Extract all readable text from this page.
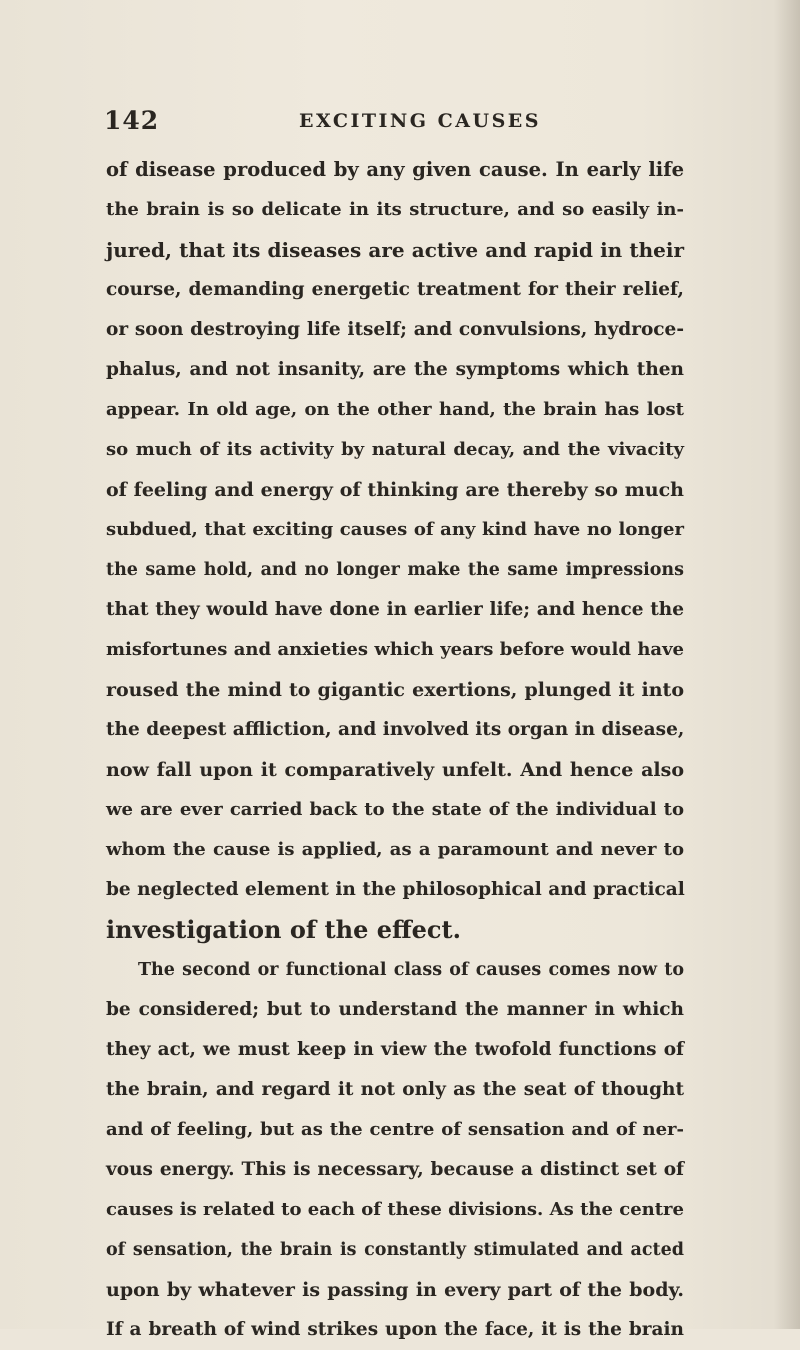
142	EXCITING CAUSES
of disease produced by any given cause. In early life
the brain is so delicate in its structure, and so easily in-
jured, that its diseases are active and rapid in their
course, demanding energetic treatment for their relief,
or soon destroying life itself; and convulsions, hydroce-
phalus, and not insanity, are the symptoms which then
appear. In old age, on the other hand, the brain has lost
so much of its activity by natural decay, and the vivacity
of feeling and energy of thinking are thereby so much
subdued, that exciting causes of any kind have no longer
the same hold, and no longer make the same impressions
that they would have done in earlier life; and hence the
misfortunes and anxieties which years before would have
roused the mind to gigantic exertions, plunged it into
the deepest affliction, and involved its organ in disease,
now fall upon it comparatively unfelt. And hence also
we are ever carried back to the state of the individual to
whom the cause is applied, as a paramount and never to
be neglected element in the philosophical and practical
investigation of the effect.
The second or functional class of causes comes now to
be considered; but to understand the manner in which
they act, we must keep in view the twofold functions of
the brain, and regard it not only as the seat of thought
and of feeling, but as the centre of sensation and of ner-
vous energy. This is necessary, because a distinct set of
causes is related to each of these divisions. As the centre
of sensation, the brain is constantly stimulated and acted
upon by whatever is passing in every part of the body.
If a breath of wind strikes upon the face, it is the brain
